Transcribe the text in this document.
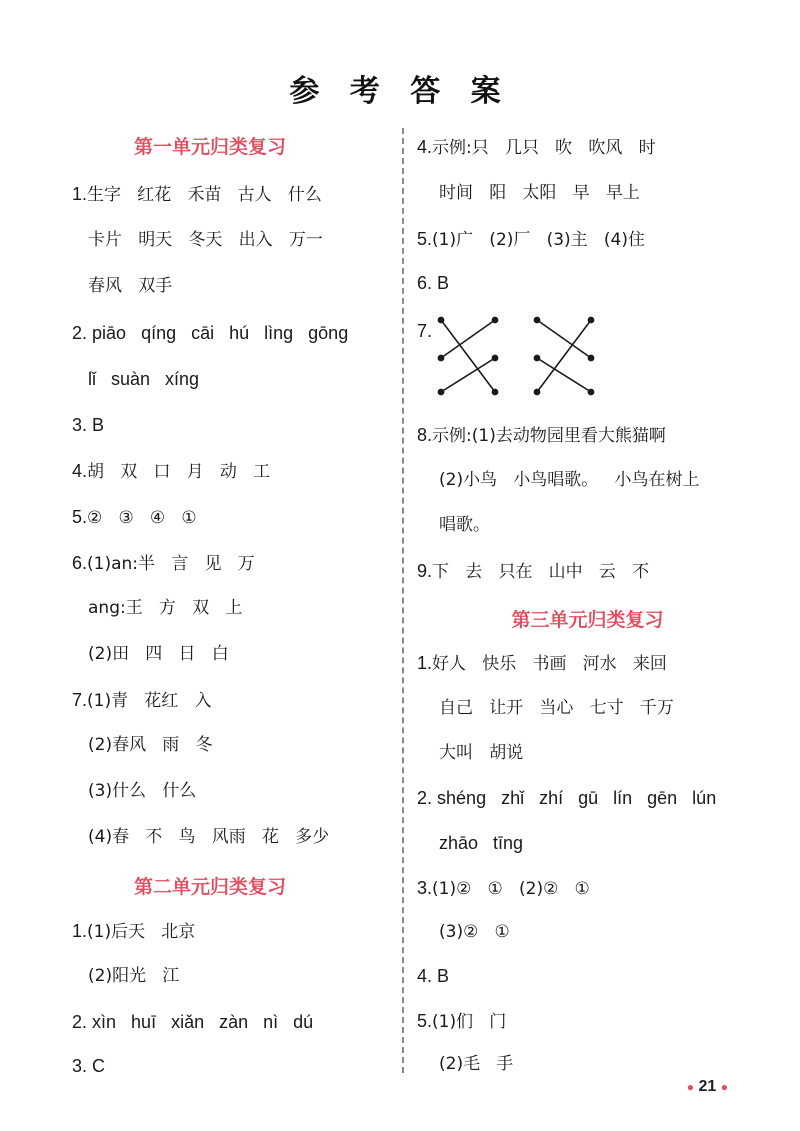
参 考 答 案
第一单元归类复习
1.生字   红花   禾苗   古人   什么
卡片   明天   冬天   出入   万一
春风   双手
2. piāo   qíng   cāi   hú   lìng   gōng
lǐ   suàn   xíng
3. B
4.胡   双   口   月   动   工
5.②   ③   ④   ①
6.(1)an:半   言   见   万
ang:王   方   双   上
(2)田   四   日   白
7.(1)青   花红   入
(2)春风   雨   冬
(3)什么   什么
(4)春   不   鸟   风雨   花   多少
第二单元归类复习
1.(1)后天   北京
(2)阳光   江
2. xìn   huī   xiǎn   zàn   nì   dú
3. C
4.示例:只   几只   吹   吹风   时
时间   阳   太阳   早   早上
5.(1)广   (2)厂   (3)主   (4)住
6. B
7.
8.示例:(1)去动物园里看大熊猫啊
(2)小鸟   小鸟唱歌。   小鸟在树上
唱歌。
9.下   去   只在   山中   云   不
第三单元归类复习
1.好人   快乐   书画   河水   来回
自己   让开   当心   七寸   千万
大叫   胡说
2. shéng   zhǐ   zhí   gū   lín   gēn   lún
zhāo   tīng
3.(1)②   ①   (2)②   ①
(3)②   ①
4. B
5.(1)们   门
(2)毛   手
● 21 ●
